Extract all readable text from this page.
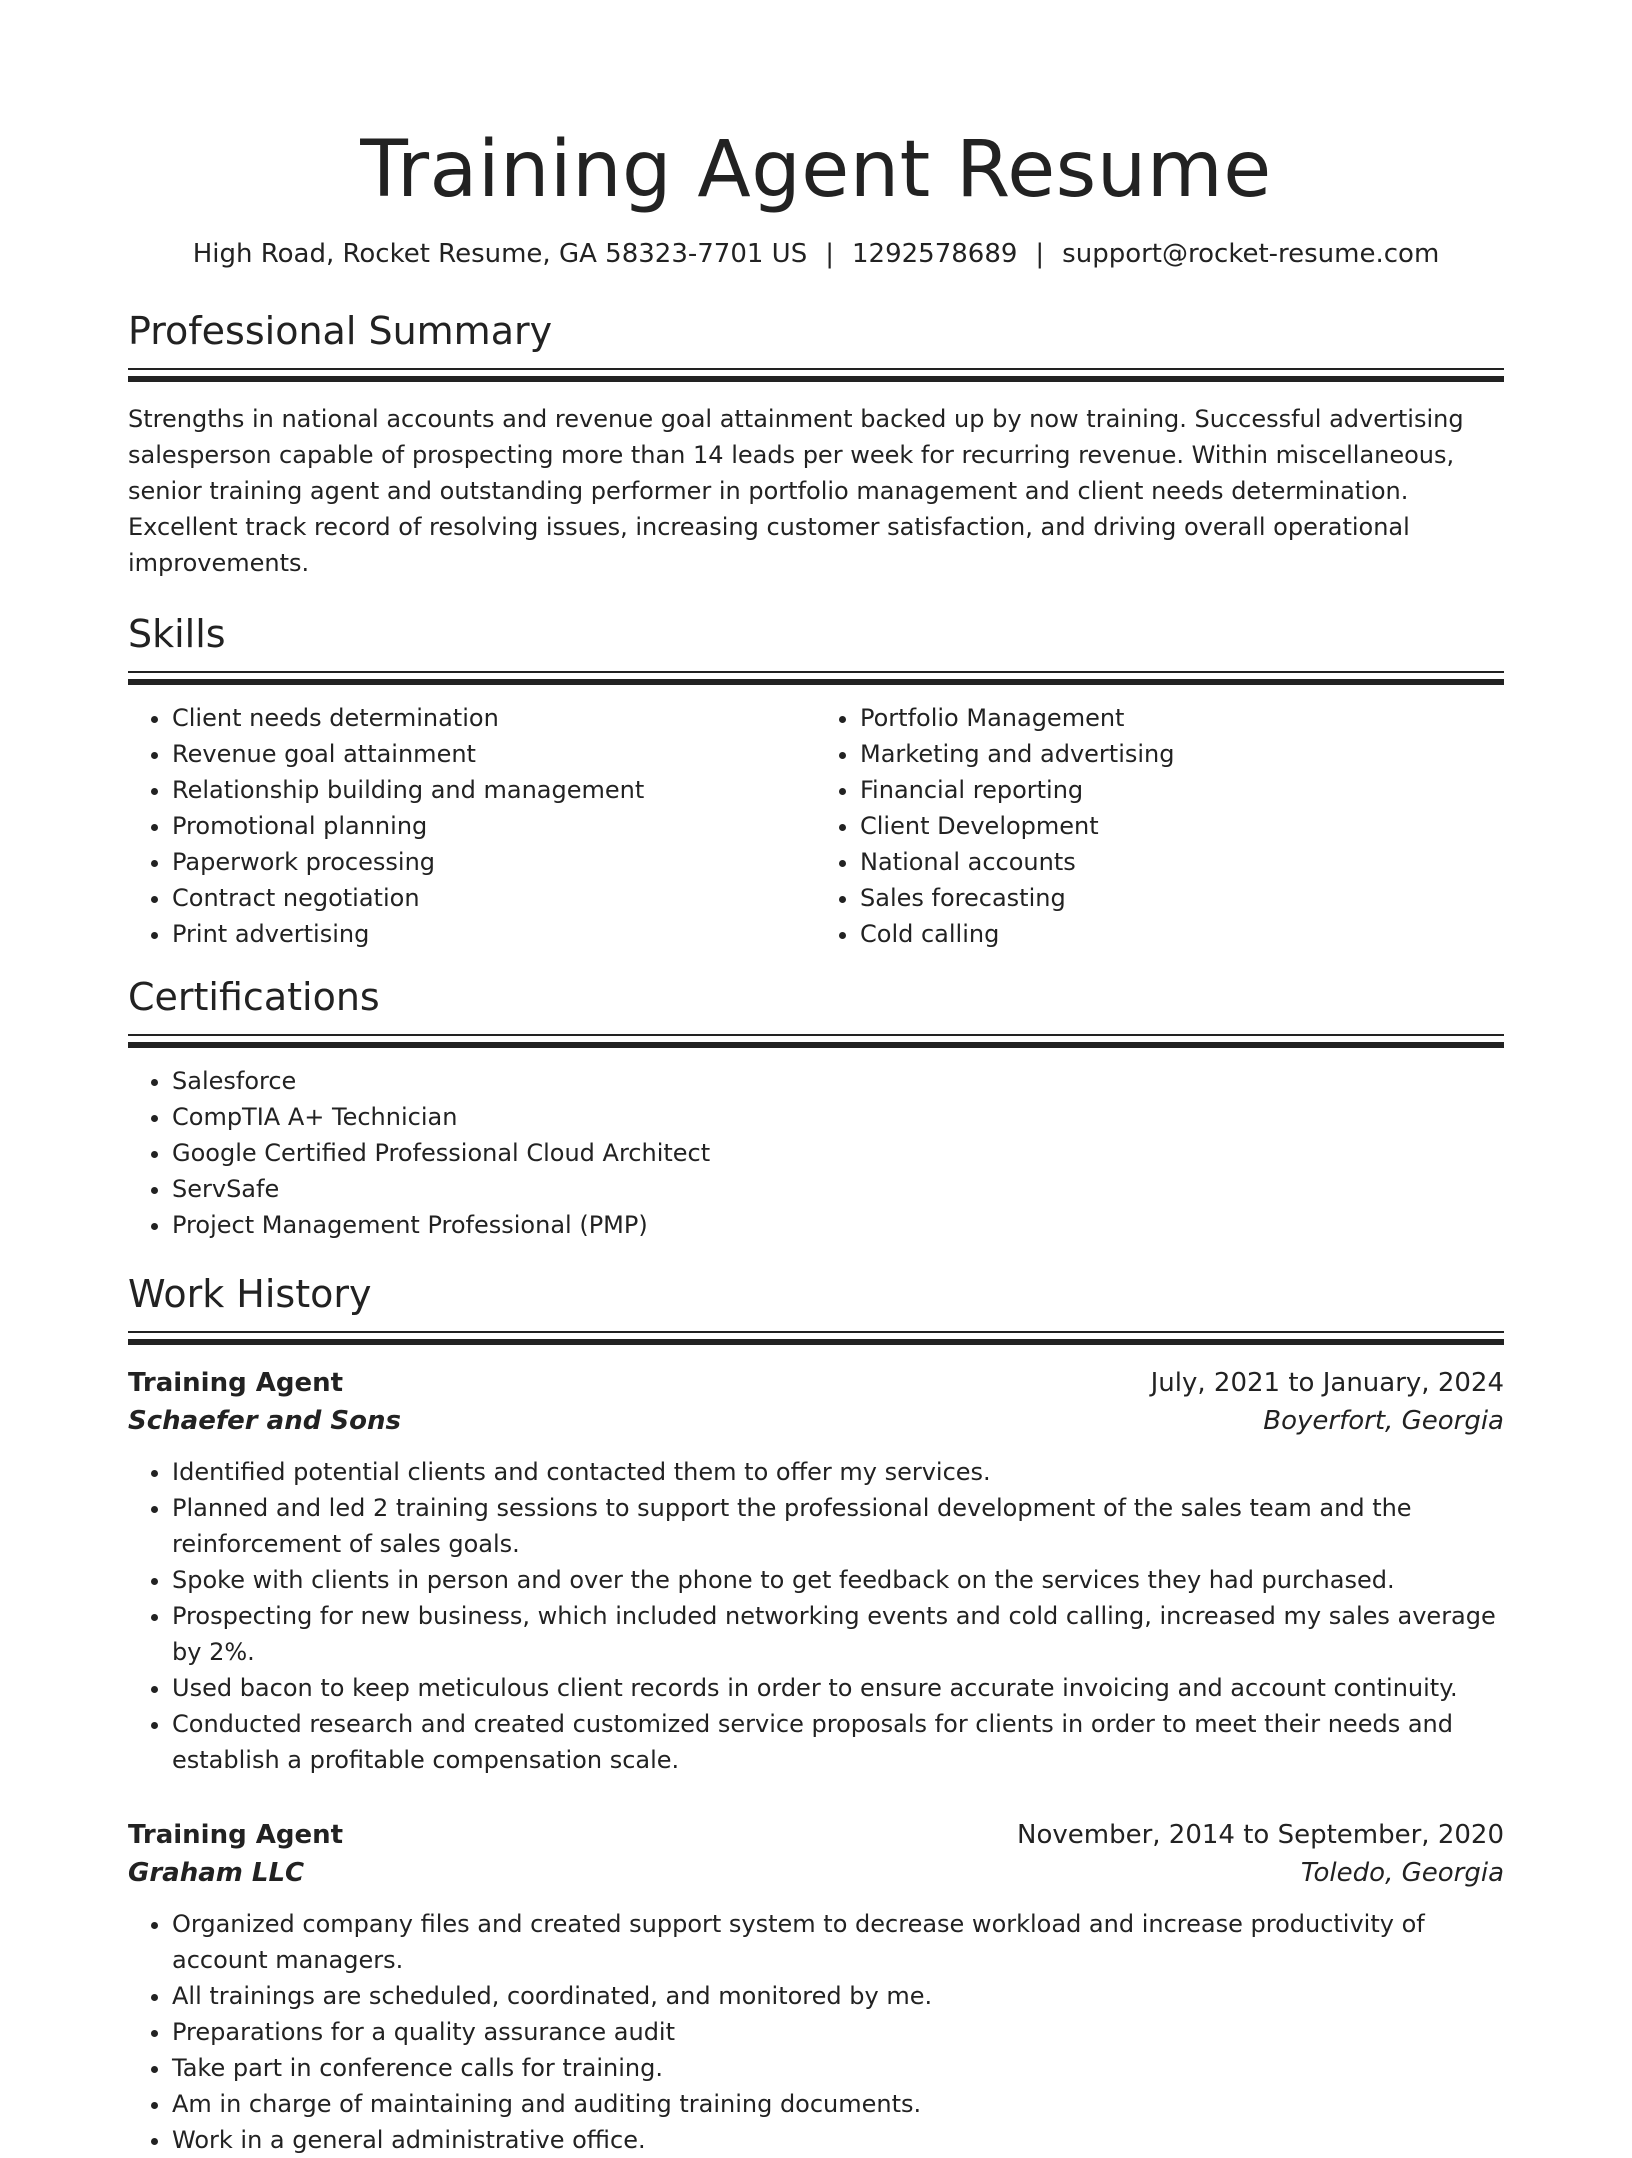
Training Agent Resume
High Road, Rocket Resume, GA 58323-7701 US | 1292578689 | support@rocket-resume.com
Professional Summary

Strengths in national accounts and revenue goal attainment backed up by now training. Successful advertising salesperson capable of prospecting more than 14 leads per week for recurring revenue. Within miscellaneous, senior training agent and outstanding performer in portfolio management and client needs determination. Excellent track record of resolving issues, increasing customer satisfaction, and driving overall operational improvements.

Skills
• Client needs determination
• Revenue goal attainment
• Relationship building and management
• Promotional planning
• Paperwork processing
• Contract negotiation
• Print advertising
• Portfolio Management
• Marketing and advertising
• Financial reporting
• Client Development
• National accounts
• Sales forecasting
• Cold calling
Certifications
• Salesforce
• CompTIA A+ Technician
• Google Certified Professional Cloud Architect
• ServSafe
• Project Management Professional (PMP)
Work History
Training Agent	July, 2021 to January, 2024
Schaefer and Sons	Boyerfort, Georgia
• Identified potential clients and contacted them to offer my services.
• Planned and led 2 training sessions to support the professional development of the sales team and the reinforcement of sales goals.
• Spoke with clients in person and over the phone to get feedback on the services they had purchased.
• Prospecting for new business, which included networking events and cold calling, increased my sales average by 2%.
• Used bacon to keep meticulous client records in order to ensure accurate invoicing and account continuity.
• Conducted research and created customized service proposals for clients in order to meet their needs and establish a profitable compensation scale.
Training Agent	November, 2014 to September, 2020
Graham LLC	Toledo, Georgia
• Organized company files and created support system to decrease workload and increase productivity of account managers.
• All trainings are scheduled, coordinated, and monitored by me.
• Preparations for a quality assurance audit
• Take part in conference calls for training.
• Am in charge of maintaining and auditing training documents.
• Work in a general administrative office.
